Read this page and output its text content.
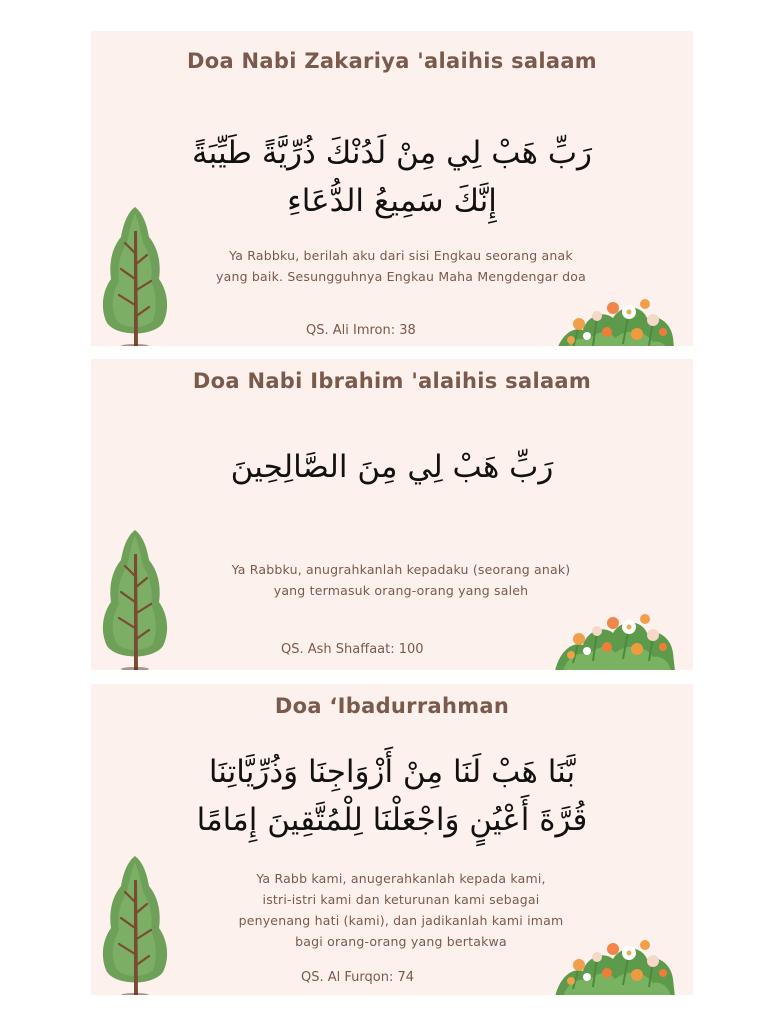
Doa Nabi Zakariya 'alaihis salaam
رَبِّ هَبْ لِي مِنْ لَدُنْكَ ذُرِّيَّةً طَيِّبَةً
إِنَّكَ سَمِيعُ الدُّعَاءِ
Ya Rabbku, berilah aku dari sisi Engkau seorang anak
yang baik. Sesungguhnya Engkau Maha Mengdengar doa
QS. Ali Imron: 38
Doa Nabi Ibrahim 'alaihis salaam
رَبِّ هَبْ لِي مِنَ الصَّالِحِينَ
Ya Rabbku, anugrahkanlah kepadaku (seorang anak)
yang termasuk orang-orang yang saleh
QS. Ash Shaffaat: 100
Doa ‘Ibadurrahman
بَّنَا هَبْ لَنَا مِنْ أَزْوَاجِنَا وَذُرِّيَّاتِنَا
قُرَّةَ أَعْيُنٍ وَاجْعَلْنَا لِلْمُتَّقِينَ إِمَامًا
Ya Rabb kami, anugerahkanlah kepada kami,
istri-istri kami dan keturunan kami sebagai
penyenang hati (kami), dan jadikanlah kami imam
bagi orang-orang yang bertakwa
QS. Al Furqon: 74
